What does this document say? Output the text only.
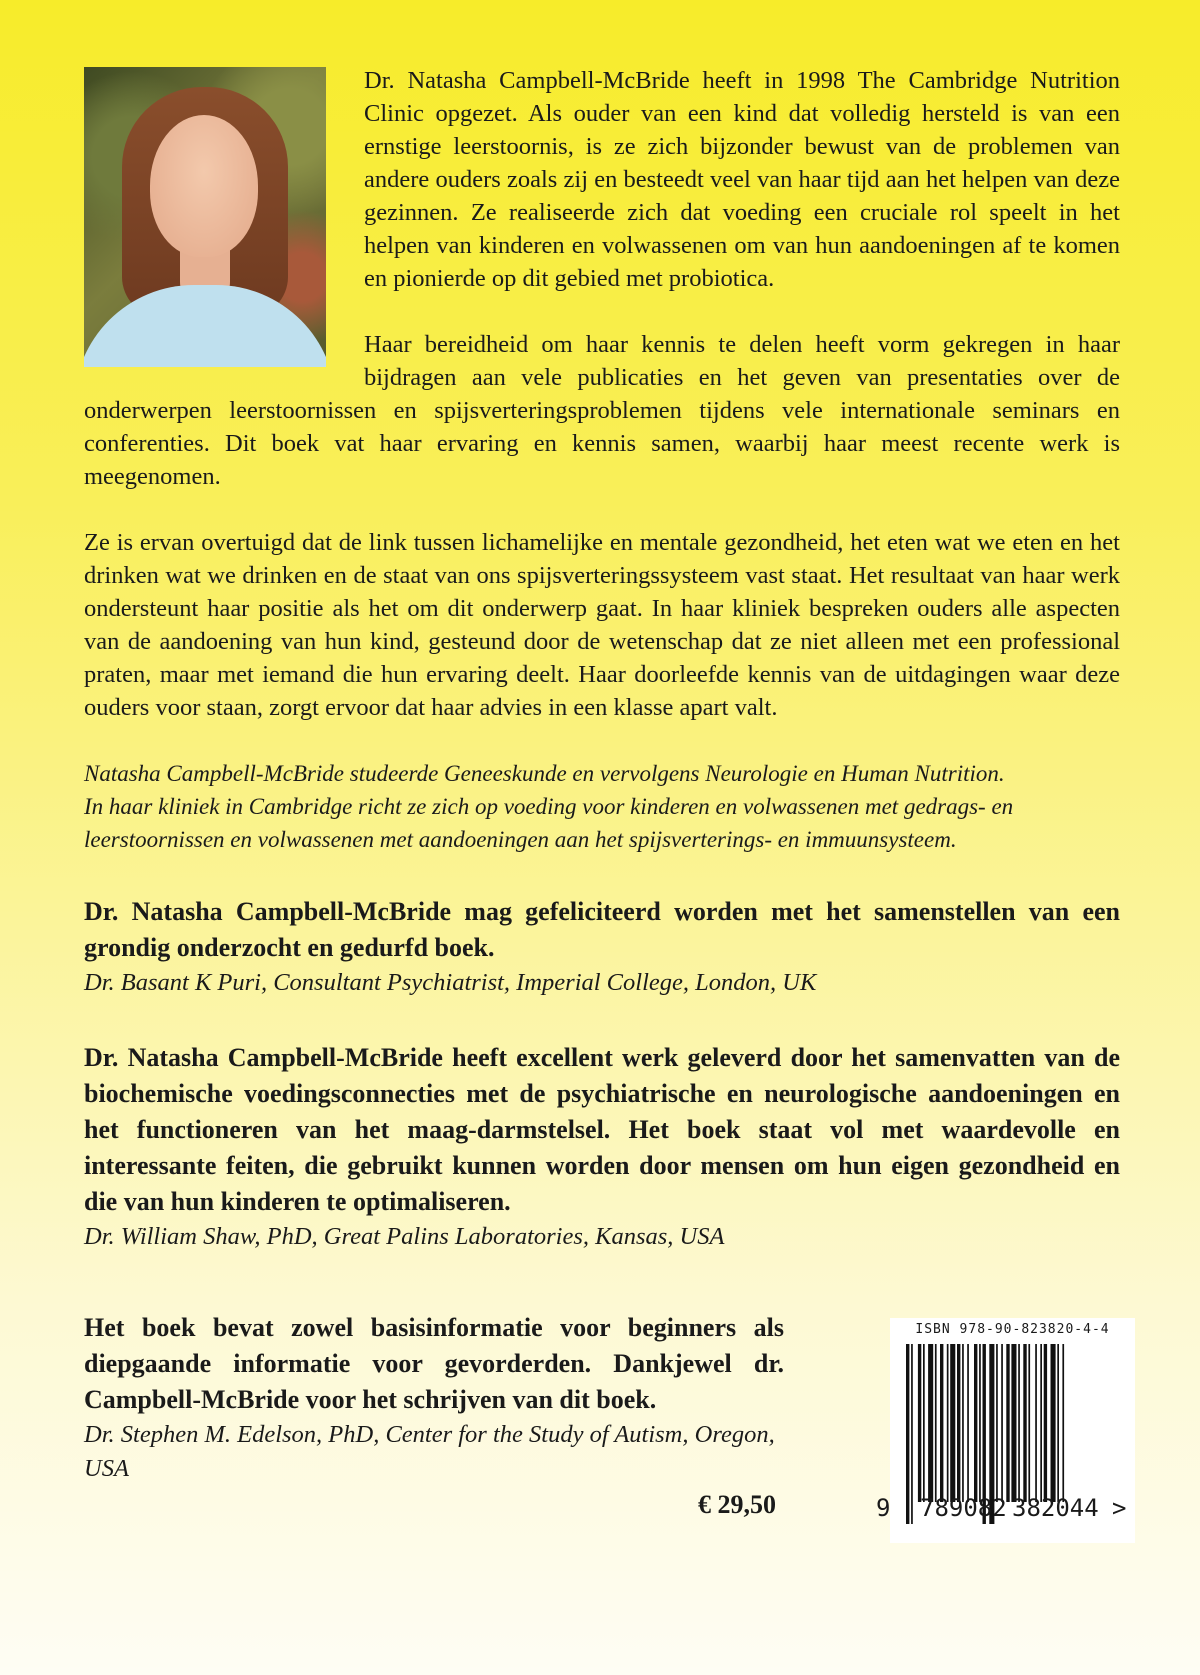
Dr. Natasha Campbell-McBride heeft in 1998 The Cambridge Nutrition Clinic opgezet. Als ouder van een kind dat volledig hersteld is van een ernstige leerstoornis, is ze zich bijzonder bewust van de problemen van andere ouders zoals zij en besteedt veel van haar tijd aan het helpen van deze gezinnen. Ze realiseerde zich dat voeding een cruciale rol speelt in het helpen van kinderen en volwassenen om van hun aandoeningen af te komen en pionierde op dit gebied met probiotica.

Haar bereidheid om haar kennis te delen heeft vorm gekregen in haar bijdragen aan vele publicaties en het geven van presentaties over de onderwerpen leerstoornissen en spijsverteringsproblemen tijdens vele internationale seminars en conferenties. Dit boek vat haar ervaring en kennis samen, waarbij haar meest recente werk is meegenomen.

Ze is ervan overtuigd dat de link tussen lichamelijke en mentale gezondheid, het eten wat we eten en het drinken wat we drinken en de staat van ons spijsverteringssysteem vast staat. Het resultaat van haar werk ondersteunt haar positie als het om dit onderwerp gaat. In haar kliniek bespreken ouders alle aspecten van de aandoening van hun kind, gesteund door de wetenschap dat ze niet alleen met een professional praten, maar met iemand die hun ervaring deelt. Haar doorleefde kennis van de uitdagingen waar deze ouders voor staan, zorgt ervoor dat haar advies in een klasse apart valt.

Natasha Campbell-McBride studeerde Geneeskunde en vervolgens Neurologie en Human Nutrition.

In haar kliniek in Cambridge richt ze zich op voeding voor kinderen en volwassenen met gedrags- en

leerstoornissen en volwassenen met aandoeningen aan het spijsverterings- en immuunsysteem.

Dr. Natasha Campbell-McBride mag gefeliciteerd worden met het samenstellen van een grondig onderzocht en gedurfd boek.

Dr. Basant K Puri, Consultant Psychiatrist, Imperial College, London, UK

Dr. Natasha Campbell-McBride heeft excellent werk geleverd door het samenvatten van de biochemische voedingsconnecties met de psychiatrische en neurologische aandoeningen en het functioneren van het maag-darmstelsel. Het boek staat vol met waardevolle en interessante feiten, die gebruikt kunnen worden door mensen om hun eigen gezondheid en die van hun kinderen te optimaliseren.

Dr. William Shaw, PhD, Great Palins Laboratories, Kansas, USA

Het boek bevat zowel basisinformatie voor beginners als diepgaande informatie voor gevorderden. Dankjewel dr. Campbell-McBride voor het schrijven van dit boek.

Dr. Stephen M. Edelson, PhD, Center for the Study of Autism, Oregon, USA

€ 29,50
ISBN 978-90-823820-4-4
9 789082 382044 >
